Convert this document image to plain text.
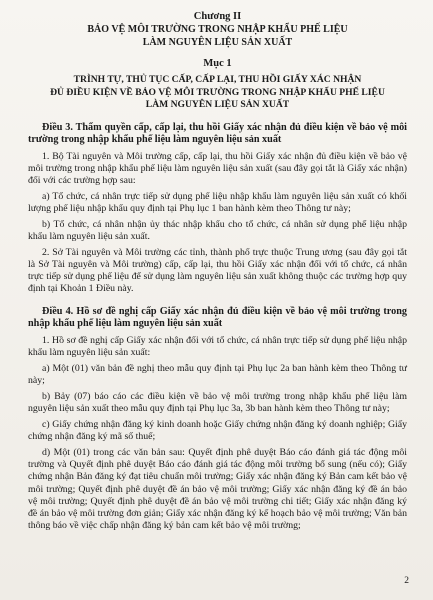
Chương II

BẢO VỆ MÔI TRƯỜNG TRONG NHẬP KHẨU PHẾ LIỆU

LÀM NGUYÊN LIỆU SẢN XUẤT

Mục 1

TRÌNH TỰ, THỦ TỤC CẤP, CẤP LẠI, THU HỒI GIẤY XÁC NHẬN

ĐỦ ĐIỀU KIỆN VỀ BẢO VỆ MÔI TRƯỜNG TRONG NHẬP KHẨU PHẾ LIỆU

LÀM NGUYÊN LIỆU SẢN XUẤT

Điều 3. Thẩm quyền cấp, cấp lại, thu hồi Giấy xác nhận đủ điều kiện về bảo vệ môi trường trong nhập khẩu phế liệu làm nguyên liệu sản xuất

1. Bộ Tài nguyên và Môi trường cấp, cấp lại, thu hồi Giấy xác nhận đủ điều kiện về bảo vệ môi trường trong nhập khẩu phế liệu làm nguyên liệu sản xuất (sau đây gọi tắt là Giấy xác nhận) đối với các trường hợp sau:

a) Tổ chức, cá nhân trực tiếp sử dụng phế liệu nhập khẩu làm nguyên liệu sản xuất có khối lượng phế liệu nhập khẩu quy định tại Phụ lục 1 ban hành kèm theo Thông tư này;

b) Tổ chức, cá nhân nhận ủy thác nhập khẩu cho tổ chức, cá nhân sử dụng phế liệu nhập khẩu làm nguyên liệu sản xuất.

2. Sở Tài nguyên và Môi trường các tỉnh, thành phố trực thuộc Trung ương (sau đây gọi tắt là Sở Tài nguyên và Môi trường) cấp, cấp lại, thu hồi Giấy xác nhận đối với tổ chức, cá nhân trực tiếp sử dụng phế liệu để sử dụng làm nguyên liệu sản xuất không thuộc các trường hợp quy định tại Khoản 1 Điều này.

Điều 4. Hồ sơ đề nghị cấp Giấy xác nhận đủ điều kiện về bảo vệ môi trường trong nhập khẩu phế liệu làm nguyên liệu sản xuất

1. Hồ sơ đề nghị cấp Giấy xác nhận đối với tổ chức, cá nhân trực tiếp sử dụng phế liệu nhập khẩu làm nguyên liệu sản xuất:

a) Một (01) văn bản đề nghị theo mẫu quy định tại Phụ lục 2a ban hành kèm theo Thông tư này;

b) Bảy (07) báo cáo các điều kiện về bảo vệ môi trường trong nhập khẩu phế liệu làm nguyên liệu sản xuất theo mẫu quy định tại Phụ lục 3a, 3b ban hành kèm theo Thông tư này;

c) Giấy chứng nhận đăng ký kinh doanh hoặc Giấy chứng nhận đăng ký doanh nghiệp; Giấy chứng nhận đăng ký mã số thuế;

d) Một (01) trong các văn bản sau: Quyết định phê duyệt Báo cáo đánh giá tác động môi trường và Quyết định phê duyệt Báo cáo đánh giá tác động môi trường bổ sung (nếu có); Giấy chứng nhận Bản đăng ký đạt tiêu chuẩn môi trường; Giấy xác nhận đăng ký Bản cam kết bảo vệ môi trường; Quyết định phê duyệt đề án bảo vệ môi trường; Giấy xác nhận đăng ký đề án bảo vệ môi trường; Quyết định phê duyệt đề án bảo vệ môi trường chi tiết; Giấy xác nhận đăng ký đề án bảo vệ môi trường đơn giản; Giấy xác nhận đăng ký kế hoạch bảo vệ môi trường; Văn bản thông báo về việc chấp nhận đăng ký bản cam kết bảo vệ môi trường;

2
